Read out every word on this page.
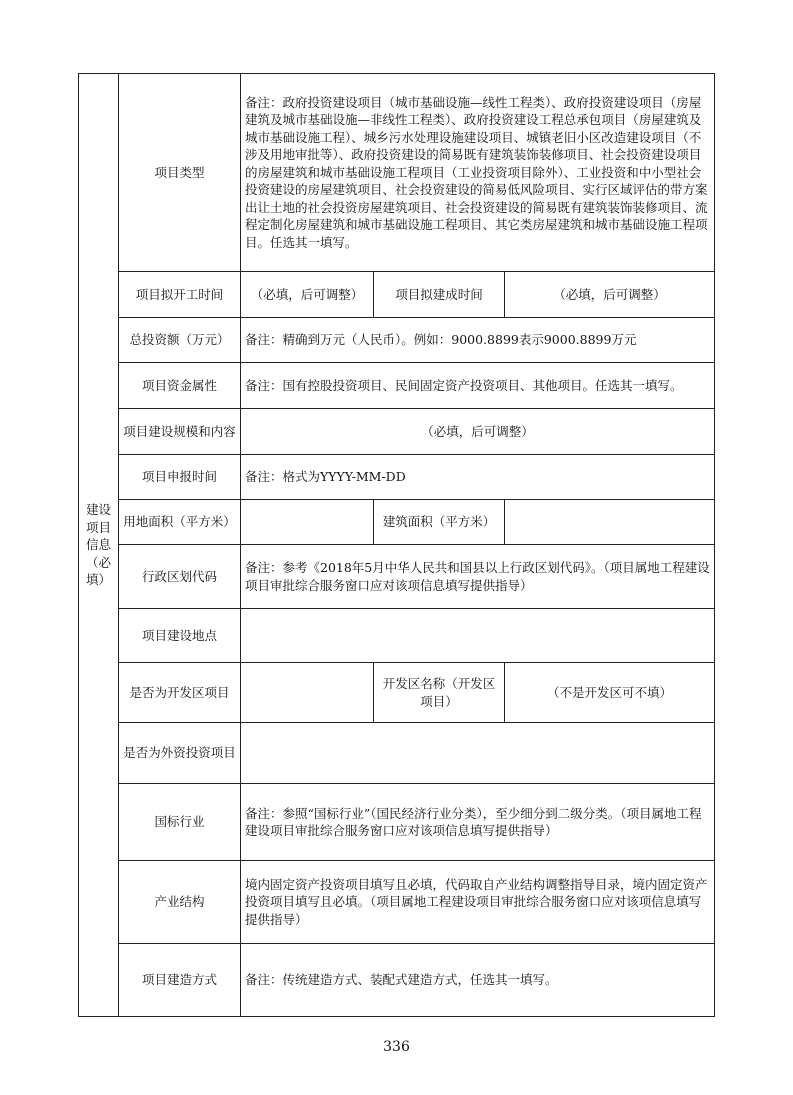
建设项目信息（必填）	项目类型	备注：政府投资建设项目（城市基础设施—线性工程类）、政府投资建设项目（房屋建筑及城市基础设施—非线性工程类）、政府投资建设工程总承包项目（房屋建筑及城市基础设施工程）、城乡污水处理设施建设项目、城镇老旧小区改造建设项目（不涉及用地审批等）、政府投资建设的简易既有建筑装饰装修项目、社会投资建设项目的房屋建筑和城市基础设施工程项目（工业投资项目除外）、工业投资和中小型社会投资建设的房屋建筑项目、社会投资建设的简易低风险项目、实行区域评估的带方案出让土地的社会投资房屋建筑项目、社会投资建设的简易既有建筑装饰装修项目、流程定制化房屋建筑和城市基础设施工程项目、其它类房屋建筑和城市基础设施工程项目。任选其一填写。		
	项目拟开工时间	（必填，后可调整）	项目拟建成时间	（必填，后可调整）
	总投资额（万元）	备注：精确到万元（人民币）。例如：9000.8899表示9000.8899万元		
	项目资金属性	备注：国有控股投资项目、民间固定资产投资项目、其他项目。任选其一填写。		
	项目建设规模和内容	（必填，后可调整）		
	项目申报时间	备注：格式为YYYY-MM-DD		
	用地面积（平方米）		建筑面积（平方米）	
	行政区划代码	备注：参考《2018年5月中华人民共和国县以上行政区划代码》。（项目属地工程建设项目审批综合服务窗口应对该项信息填写提供指导）		
	项目建设地点			
	是否为开发区项目		开发区名称（开发区项目）	（不是开发区可不填）
	是否为外资投资项目			
	国标行业	备注：参照“国标行业”（国民经济行业分类），至少细分到二级分类。（项目属地工程建设项目审批综合服务窗口应对该项信息填写提供指导）		
	产业结构	境内固定资产投资项目填写且必填，代码取自产业结构调整指导目录，境内固定资产投资项目填写且必填。（项目属地工程建设项目审批综合服务窗口应对该项信息填写提供指导）		
	项目建造方式	备注：传统建造方式、装配式建造方式，任选其一填写。		
336
